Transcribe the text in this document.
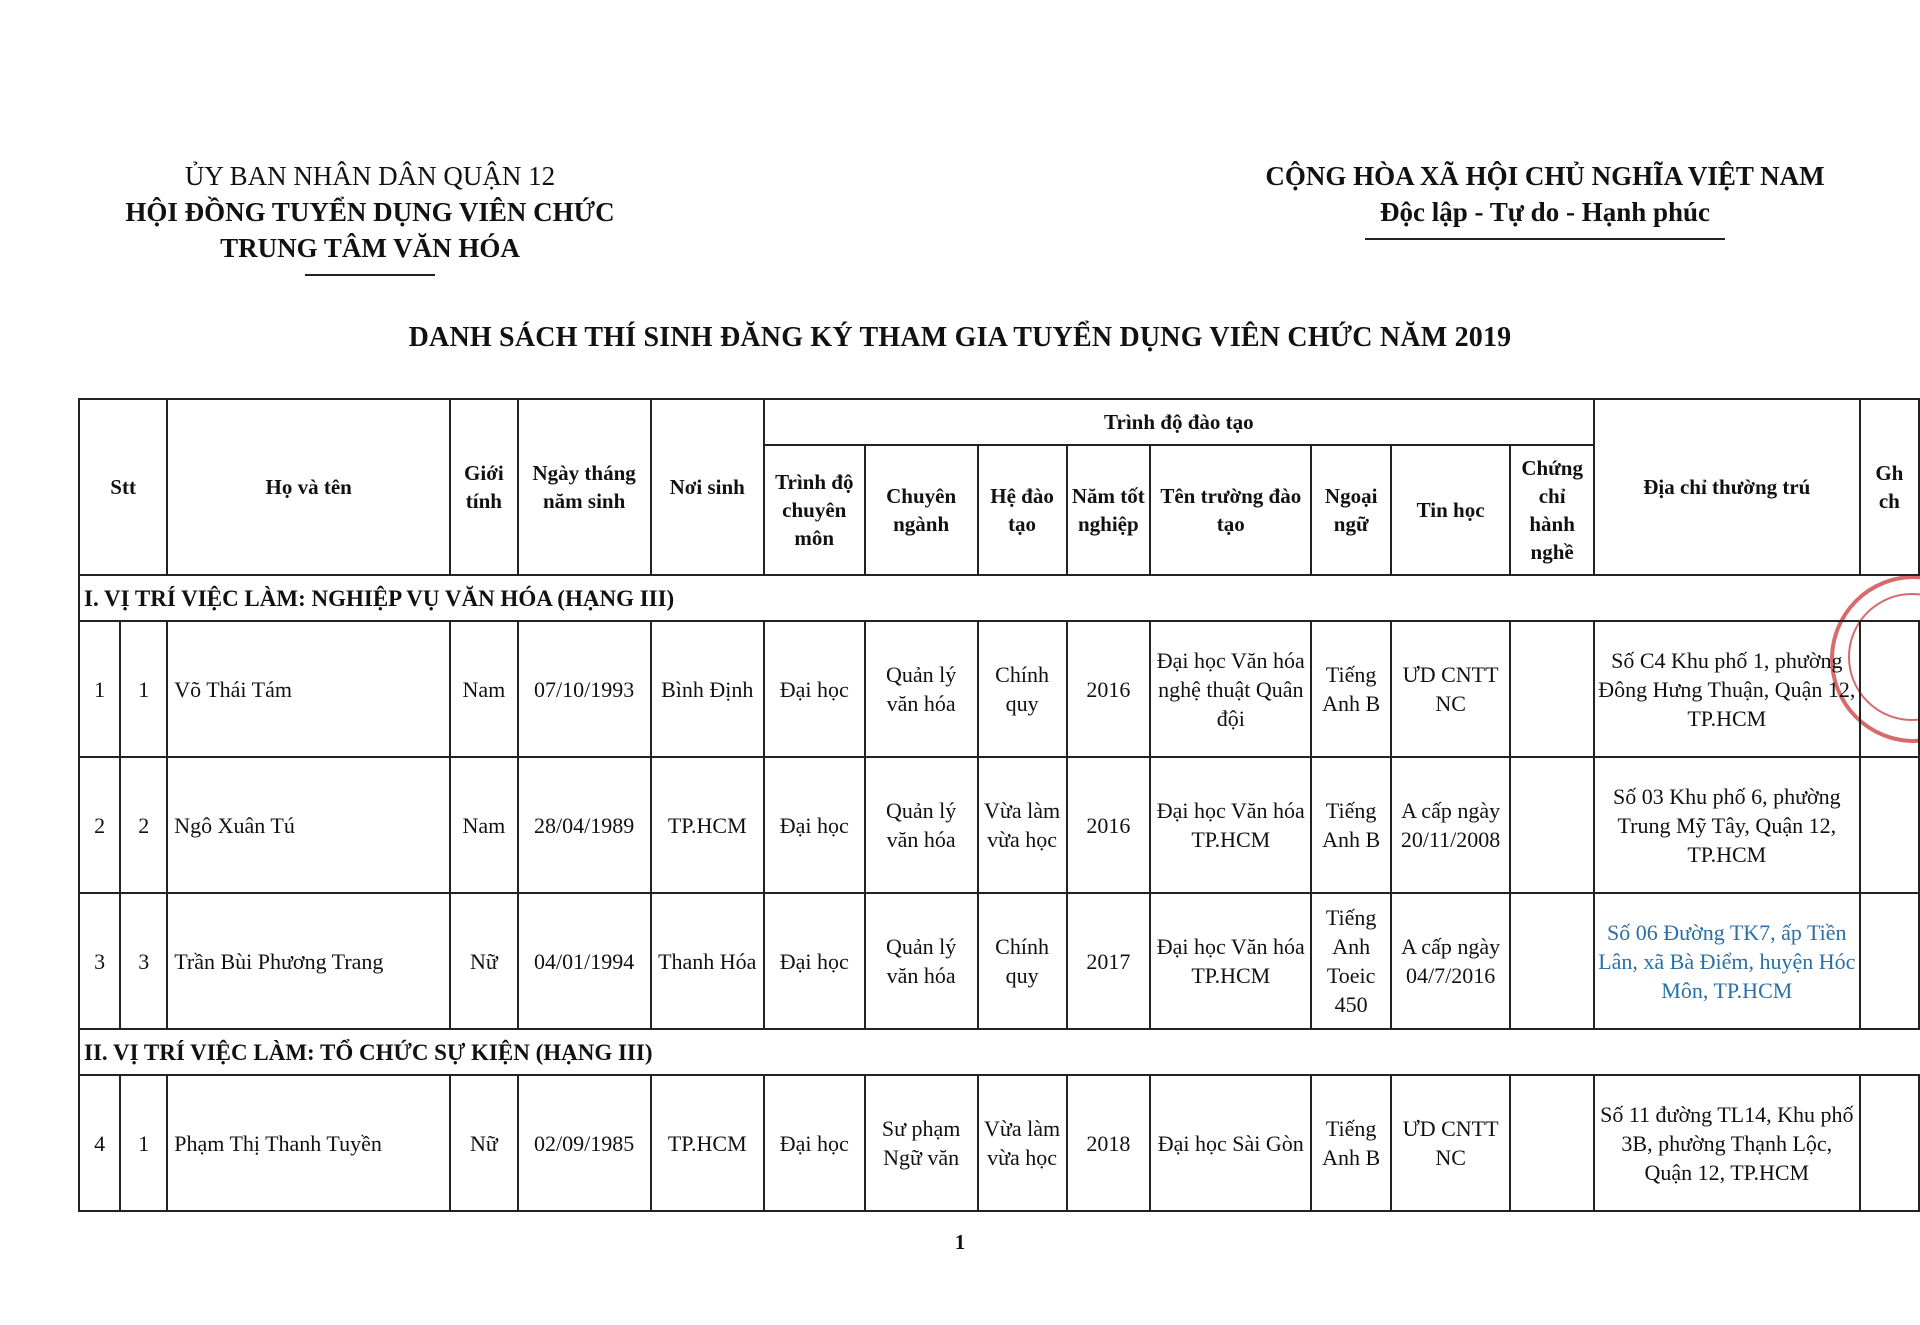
ỦY BAN NHÂN DÂN QUẬN 12
HỘI ĐỒNG TUYỂN DỤNG VIÊN CHỨC
TRUNG TÂM VĂN HÓA
CỘNG HÒA XÃ HỘI CHỦ NGHĨA VIỆT NAM
Độc lập - Tự do - Hạnh phúc
DANH SÁCH THÍ SINH ĐĂNG KÝ THAM GIA TUYỂN DỤNG VIÊN CHỨC NĂM 2019
Stt		Họ và tên	Giới tính	Ngày tháng năm sinh	Nơi sinh	Trình độ đào tạo								Địa chỉ thường trú	Gh ch
						Trình độ chuyên môn	Chuyên ngành	Hệ đào tạo	Năm tốt nghiệp	Tên trường đào tạo	Ngoại ngữ	Tin học	Chứng chỉ hành nghề		
I. VỊ TRÍ VIỆC LÀM: NGHIỆP VỤ VĂN HÓA (HẠNG III)															
1	1	Võ Thái Tám	Nam	07/10/1993	Bình Định	Đại học	Quản lý văn hóa	Chính quy	2016	Đại học Văn hóa nghệ thuật Quân đội	Tiếng Anh B	ƯD CNTT NC		Số C4 Khu phố 1, phường Đông Hưng Thuận, Quận 12, TP.HCM	
2	2	Ngô Xuân Tú	Nam	28/04/1989	TP.HCM	Đại học	Quản lý văn hóa	Vừa làm vừa học	2016	Đại học Văn hóa TP.HCM	Tiếng Anh B	A cấp ngày 20/11/2008		Số 03 Khu phố 6, phường Trung Mỹ Tây, Quận 12, TP.HCM	
3	3	Trần Bùi Phương Trang	Nữ	04/01/1994	Thanh Hóa	Đại học	Quản lý văn hóa	Chính quy	2017	Đại học Văn hóa TP.HCM	Tiếng Anh Toeic 450	A cấp ngày 04/7/2016		Số 06 Đường TK7, ấp Tiền Lân, xã Bà Điểm, huyện Hóc Môn, TP.HCM	
II. VỊ TRÍ VIỆC LÀM: TỔ CHỨC SỰ KIỆN (HẠNG III)															
4	1	Phạm Thị Thanh Tuyền	Nữ	02/09/1985	TP.HCM	Đại học	Sư phạm Ngữ văn	Vừa làm vừa học	2018	Đại học Sài Gòn	Tiếng Anh B	ƯD CNTT NC		Số 11 đường TL14, Khu phố 3B, phường Thạnh Lộc, Quận 12, TP.HCM	
1
